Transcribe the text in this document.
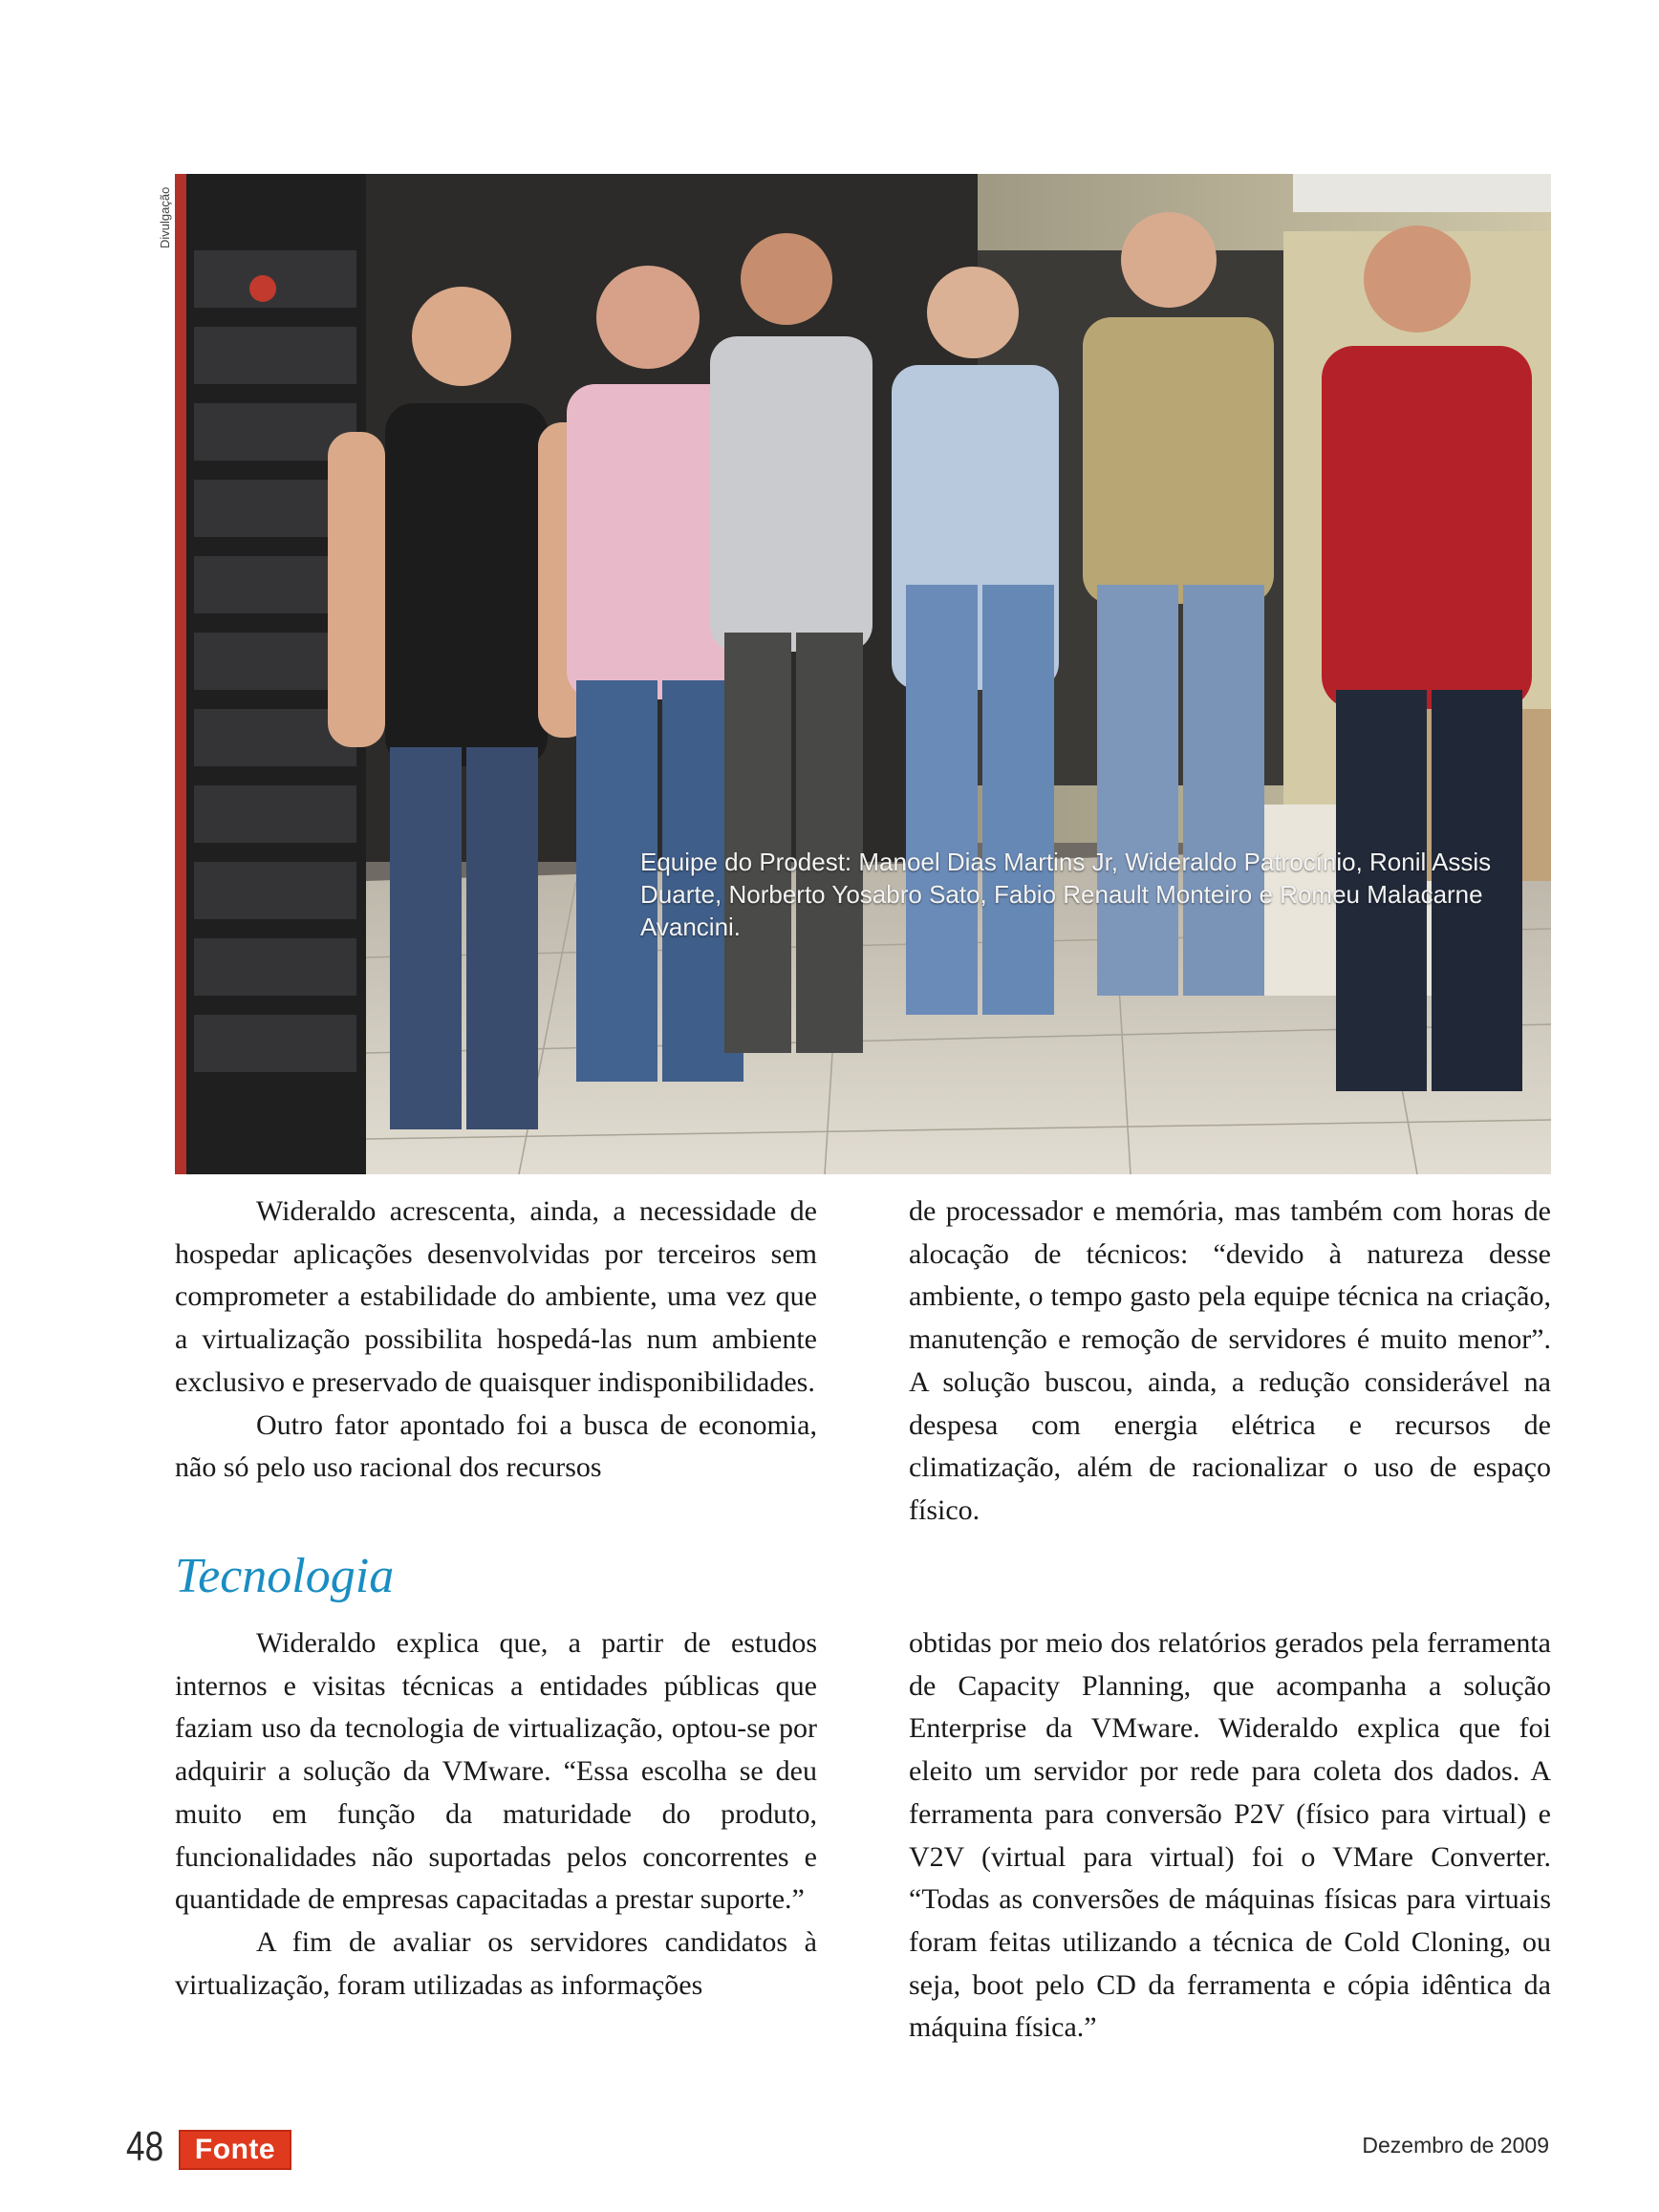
Divulgação
Equipe do Prodest: Manoel Dias Martins Jr, Wideraldo Patrocínio, Ronil Assis Duarte, Norberto Yosabro Sato, Fabio Renault Monteiro e Romeu Malacarne Avancini.

Wideraldo acrescenta, ainda, a necessidade de hospedar aplicações desenvolvidas por terceiros sem comprometer a estabilidade do ambiente, uma vez que a virtualização possibilita hospedá-las num ambiente exclusivo e preservado de quaisquer indisponibilidades.

Outro fator apontado foi a busca de economia, não só pelo uso racional dos recursos

de processador e memória, mas também com horas de alocação de técnicos: “devido à natureza desse ambiente, o tempo gasto pela equipe técnica na criação, manutenção e remoção de servidores é muito menor”. A solução buscou, ainda, a redução considerável na despesa com energia elétrica e recursos de climatização, além de racionalizar o uso de espaço físico.

Tecnologia

Wideraldo explica que, a partir de estudos internos e visitas técnicas a entidades públicas que faziam uso da tecnologia de virtualização, optou-se por adquirir a solução da VMware. “Essa escolha se deu muito em função da maturidade do produto, funcionalidades não suportadas pelos concorrentes e quantidade de empresas capacitadas a prestar suporte.”

A fim de avaliar os servidores candidatos à virtualização, foram utilizadas as informações

obtidas por meio dos relatórios gerados pela ferramenta de Capacity Planning, que acompanha a solução Enterprise da VMware. Wideraldo explica que foi eleito um servidor por rede para coleta dos dados. A ferramenta para conversão P2V (físico para virtual) e V2V (virtual para virtual) foi o VMare Converter. “Todas as conversões de máquinas físicas para virtuais foram feitas utilizando a técnica de Cold Cloning, ou seja, boot pelo CD da ferramenta e cópia idêntica da máquina física.”

48	Fonte	Dezembro de 2009
